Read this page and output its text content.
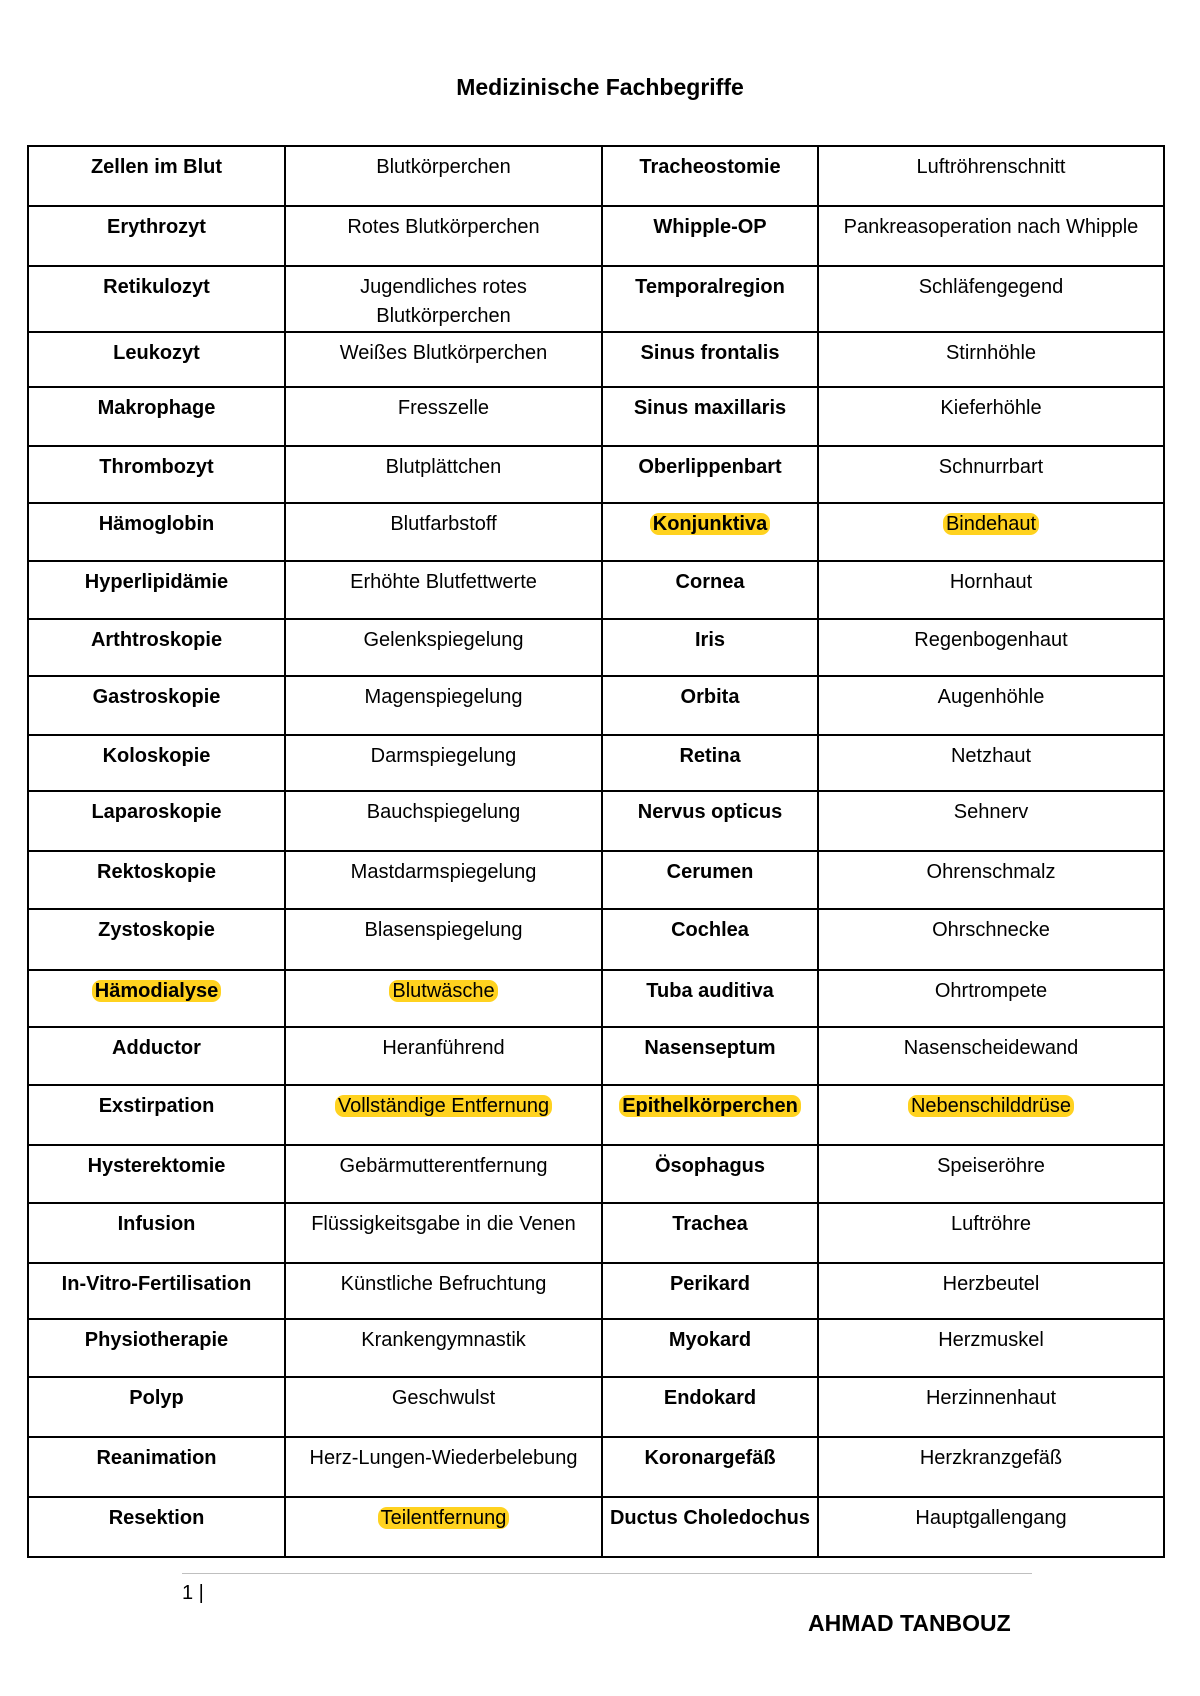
Medizinische Fachbegriffe
Zellen im Blut	Blutkörperchen	Tracheostomie	Luftröhrenschnitt
Erythrozyt	Rotes Blutkörperchen	Whipple-OP	Pankreasoperation nach Whipple
Retikulozyt	Jugendliches rotes Blutkörperchen	Temporalregion	Schläfengegend
Leukozyt	Weißes Blutkörperchen	Sinus frontalis	Stirnhöhle
Makrophage	Fresszelle	Sinus maxillaris	Kieferhöhle
Thrombozyt	Blutplättchen	Oberlippenbart	Schnurrbart
Hämoglobin	Blutfarbstoff	Konjunktiva	Bindehaut
Hyperlipidämie	Erhöhte Blutfettwerte	Cornea	Hornhaut
Arthtroskopie	Gelenkspiegelung	Iris	Regenbogenhaut
Gastroskopie	Magenspiegelung	Orbita	Augenhöhle
Koloskopie	Darmspiegelung	Retina	Netzhaut
Laparoskopie	Bauchspiegelung	Nervus opticus	Sehnerv
Rektoskopie	Mastdarmspiegelung	Cerumen	Ohrenschmalz
Zystoskopie	Blasenspiegelung	Cochlea	Ohrschnecke
Hämodialyse	Blutwäsche	Tuba auditiva	Ohrtrompete
Adductor	Heranführend	Nasenseptum	Nasenscheidewand
Exstirpation	Vollständige Entfernung	Epithelkörperchen	Nebenschilddrüse
Hysterektomie	Gebärmutterentfernung	Ösophagus	Speiseröhre
Infusion	Flüssigkeitsgabe in die Venen	Trachea	Luftröhre
In-Vitro-Fertilisation	Künstliche Befruchtung	Perikard	Herzbeutel
Physiotherapie	Krankengymnastik	Myokard	Herzmuskel
Polyp	Geschwulst	Endokard	Herzinnenhaut
Reanimation	Herz-Lungen-Wiederbelebung	Koronargefäß	Herzkranzgefäß
Resektion	Teilentfernung	Ductus Choledochus	Hauptgallengang
1 |
AHMAD TANBOUZ
